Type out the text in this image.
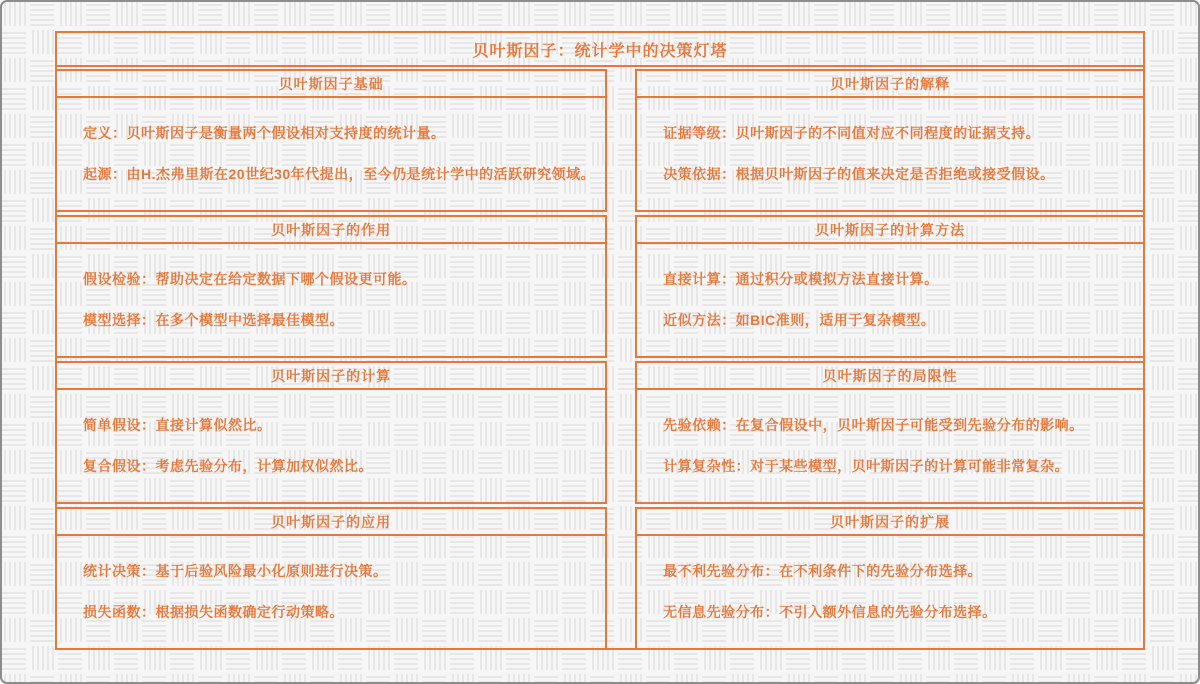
贝叶斯因子：统计学中的决策灯塔
贝叶斯因子基础

定义：贝叶斯因子是衡量两个假设相对支持度的统计量。

起源：由H.杰弗里斯在20世纪30年代提出，至今仍是统计学中的活跃研究领域。

贝叶斯因子的作用

假设检验：帮助决定在给定数据下哪个假设更可能。

模型选择：在多个模型中选择最佳模型。

贝叶斯因子的计算

简单假设：直接计算似然比。

复合假设：考虑先验分布，计算加权似然比。

贝叶斯因子的应用

统计决策：基于后验风险最小化原则进行决策。

损失函数：根据损失函数确定行动策略。

贝叶斯因子的解释

证据等级：贝叶斯因子的不同值对应不同程度的证据支持。

决策依据：根据贝叶斯因子的值来决定是否拒绝或接受假设。

贝叶斯因子的计算方法

直接计算：通过积分或模拟方法直接计算。

近似方法：如BIC准则，适用于复杂模型。

贝叶斯因子的局限性

先验依赖：在复合假设中，贝叶斯因子可能受到先验分布的影响。

计算复杂性：对于某些模型，贝叶斯因子的计算可能非常复杂。

贝叶斯因子的扩展

最不利先验分布：在不利条件下的先验分布选择。

无信息先验分布：不引入额外信息的先验分布选择。
